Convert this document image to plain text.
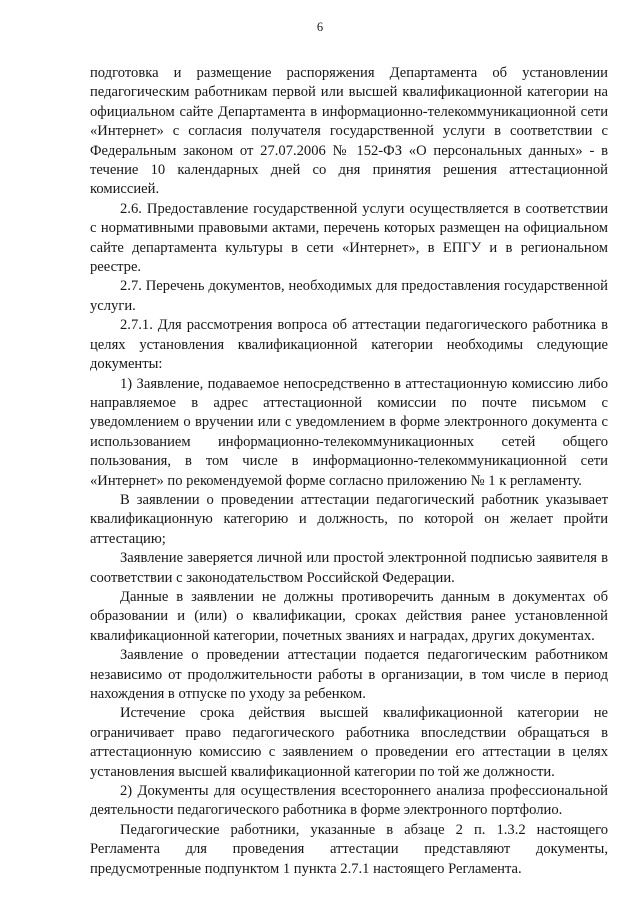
6

подготовка и размещение распоряжения Департамента об установлении педагогическим работникам первой или высшей квалификационной категории на официальном сайте Департамента в информационно-телекоммуникационной сети «Интернет» с согласия получателя государственной услуги в соответствии с Федеральным законом от 27.07.2006 № 152-ФЗ «О персональных данных» - в течение 10 календарных дней со дня принятия решения аттестационной комиссией.

2.6. Предоставление государственной услуги осуществляется в соответствии с нормативными правовыми актами, перечень которых размещен на официальном сайте департамента культуры в сети «Интернет», в ЕПГУ и в региональном реестре.

2.7. Перечень документов, необходимых для предоставления государственной услуги.

2.7.1. Для рассмотрения вопроса об аттестации педагогического работника в целях установления квалификационной категории необходимы следующие документы:

1) Заявление, подаваемое непосредственно в аттестационную комиссию либо направляемое в адрес аттестационной комиссии по почте письмом с уведомлением о вручении или с уведомлением в форме электронного документа с использованием информационно-телекоммуникационных сетей общего пользования, в том числе в информационно-телекоммуникационной сети «Интернет» по рекомендуемой форме согласно приложению № 1 к регламенту.

В заявлении о проведении аттестации педагогический работник указывает квалификационную категорию и должность, по которой он желает пройти аттестацию;

Заявление заверяется личной или простой электронной подписью заявителя в соответствии с законодательством Российской Федерации.

Данные в заявлении не должны противоречить данным в документах об образовании и (или) о квалификации, сроках действия ранее установленной квалификационной категории, почетных званиях и наградах, других документах.

Заявление о проведении аттестации подается педагогическим работником независимо от продолжительности работы в организации, в том числе в период нахождения в отпуске по уходу за ребенком.

Истечение срока действия высшей квалификационной категории не ограничивает право педагогического работника впоследствии обращаться в аттестационную комиссию с заявлением о проведении его аттестации в целях установления высшей квалификационной категории по той же должности.

2) Документы для осуществления всестороннего анализа профессиональной деятельности педагогического работника в форме электронного портфолио.

Педагогические работники, указанные в абзаце 2 п. 1.3.2 настоящего Регламента для проведения аттестации представляют документы, предусмотренные подпунктом 1 пункта 2.7.1 настоящего Регламента.
